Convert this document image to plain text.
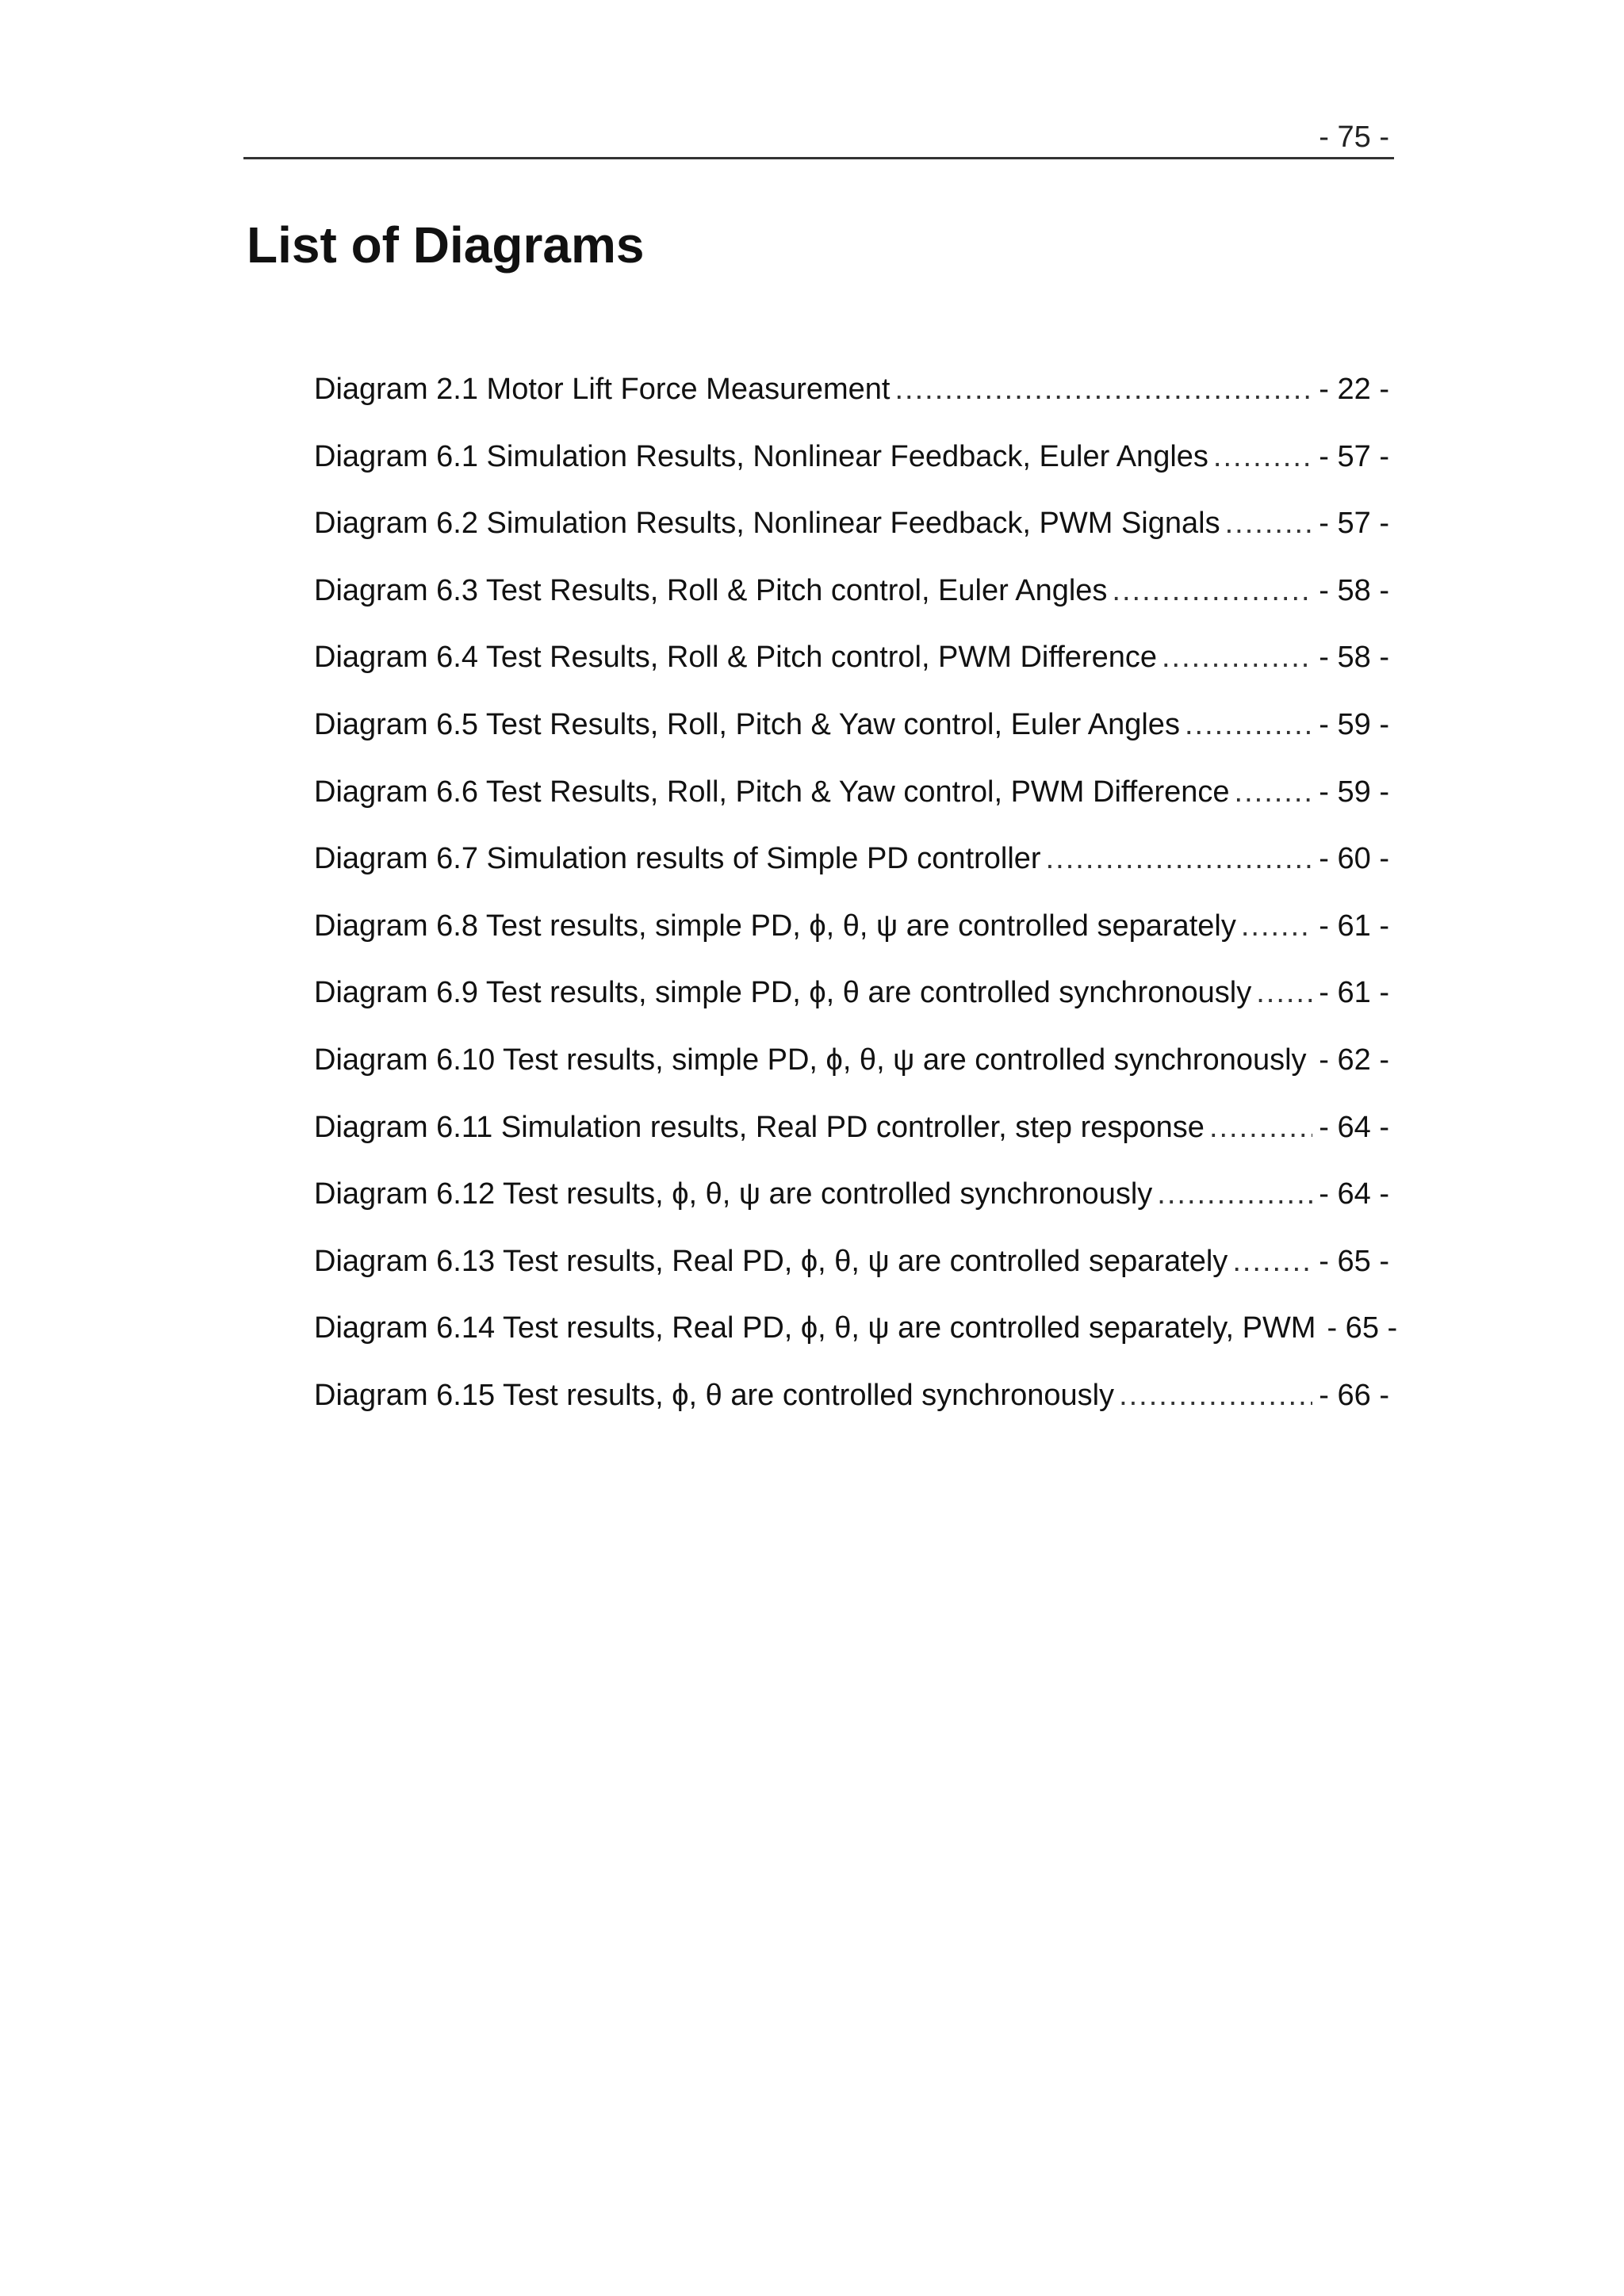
- 75 -
List of Diagrams
Diagram 2.1 Motor Lift Force Measurement .....	- 22 -
Diagram 6.1 Simulation Results, Nonlinear Feedback, Euler Angles .....	- 57 -
Diagram 6.2 Simulation Results, Nonlinear Feedback, PWM Signals .....	- 57 -
Diagram 6.3 Test Results, Roll & Pitch control, Euler Angles .....	- 58 -
Diagram 6.4 Test Results, Roll & Pitch control, PWM Difference .....	- 58 -
Diagram 6.5 Test Results, Roll, Pitch & Yaw control, Euler Angles .....	- 59 -
Diagram 6.6 Test Results, Roll, Pitch & Yaw control, PWM Difference .....	- 59 -
Diagram 6.7 Simulation results of Simple PD controller .....	- 60 -
Diagram 6.8 Test results, simple PD, ϕ, θ, ψ are controlled separately .....	- 61 -
Diagram 6.9 Test results, simple PD, ϕ, θ are controlled synchronously ..... - 61 -
Diagram 6.10 Test results, simple PD, ϕ, θ, ψ are controlled synchronously ..... - 62 -
Diagram 6.11 Simulation results, Real PD controller, step response .....	- 64 -
Diagram 6.12 Test results, ϕ, θ, ψ are controlled synchronously .....	- 64 -
Diagram 6.13 Test results, Real PD, ϕ, θ, ψ are controlled separately .....	- 65 -
Diagram 6.14 Test results, Real PD, ϕ, θ, ψ are controlled separately, PWM - 65 -
Diagram 6.15 Test results, ϕ, θ are controlled synchronously .....	- 66 -
